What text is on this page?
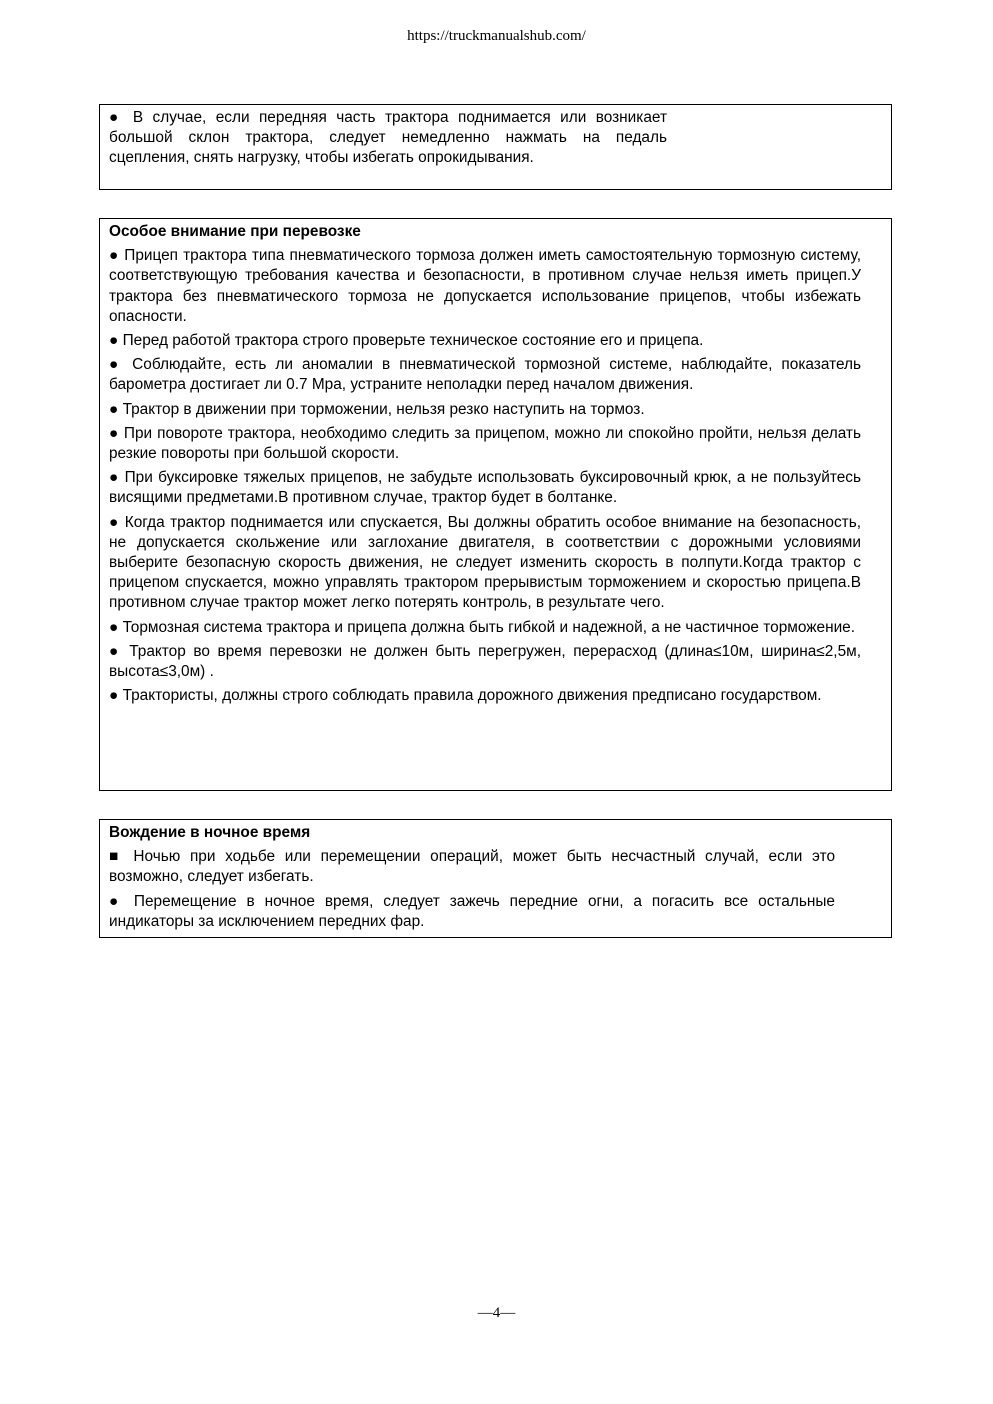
https://truckmanualshub.com/

● В случае, если передняя часть трактора поднимается или возникает большой склон трактора, следует немедленно нажмать на педаль сцепления, снять нагрузку, чтобы избегать опрокидывания.

Особое внимание при перевозке

● Прицеп трактора типа пневматического тормоза должен иметь самостоятельную тормозную систему, соответствующую требования качества и безопасности, в противном случае нельзя иметь прицеп.У трактора без пневматического тормоза не допускается использование прицепов, чтобы избежать опасности.

● Перед работой трактора строго проверьте техническое состояние его и прицепа.

● Соблюдайте, есть ли аномалии в пневматической тормозной системе, наблюдайте, показатель барометра достигает ли 0.7 Mpa, устраните неполадки перед началом движения.

● Трактор в движении при торможении, нельзя резко наступить на тормоз.

● При повороте трактора, необходимо следить за прицепом, можно ли спокойно пройти, нельзя делать резкие повороты при большой скорости.

● При буксировке тяжелых прицепов, не забудьте использовать буксировочный крюк, а не пользуйтесь висящими предметами.В противном случае, трактор будет в болтанке.

● Когда трактор поднимается или спускается, Вы должны обратить особое внимание на безопасность, не допускается скольжение или заглохание двигателя, в соответствии с дорожными условиями выберите безопасную скорость движения, не следует изменить скорость в полпути.Когда трактор с прицепом спускается, можно управлять трактором прерывистым торможением и скоростью прицепа.В противном случае трактор может легко потерять контроль, в результате чего.

● Тормозная система трактора и прицепа должна быть гибкой и надежной, а не частичное торможение.

● Трактор во время перевозки не должен быть перегружен, перерасход (длина≤10м, ширина≤2,5м, высота≤3,0м) .

● Трактористы, должны строго соблюдать правила дорожного движения предписано государством.

Вождение в ночное время

■ Ночью при ходьбе или перемещении операций, может быть несчастный случай, если это возможно, следует избегать.

● Перемещение в ночное время, следует зажечь передние огни, а погасить все остальные индикаторы за исключением передних фар.

—4—
